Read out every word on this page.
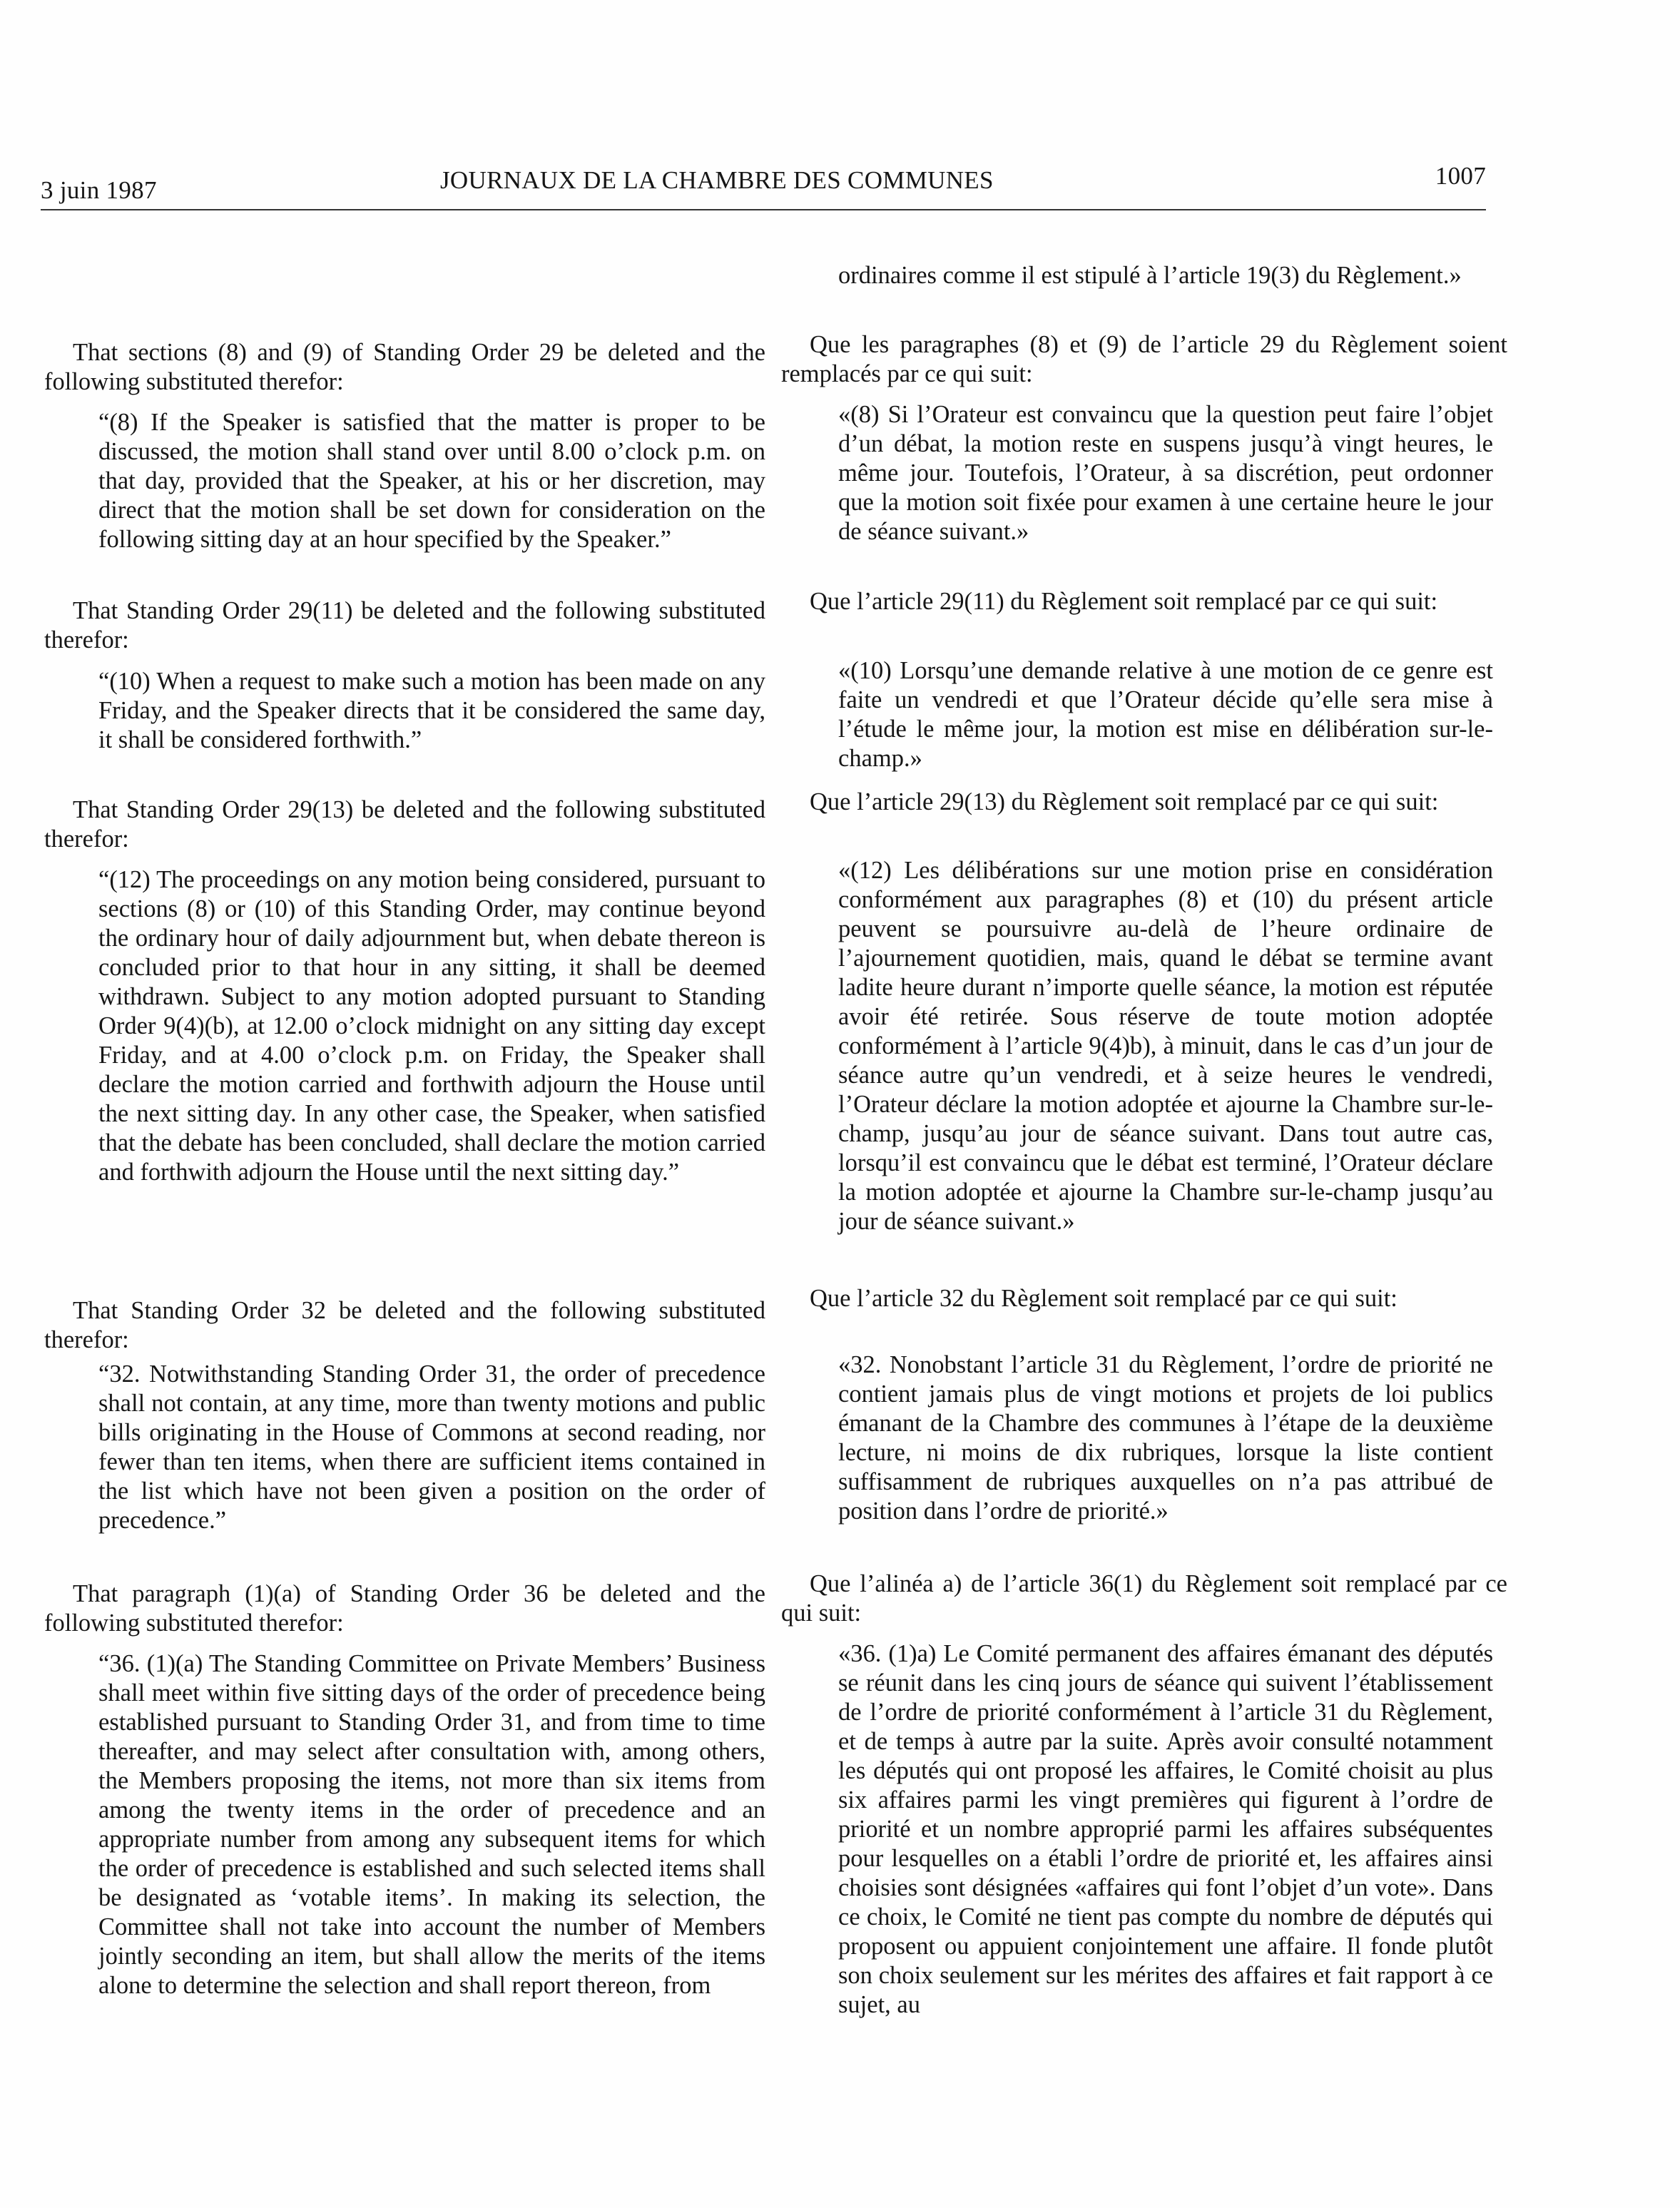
3 juin 1987	JOURNAUX DE LA CHAMBRE DES COMMUNES	1007

That sections (8) and (9) of Standing Order 29 be deleted and the following substituted therefor:

“(8) If the Speaker is satisfied that the matter is proper to be discussed, the motion shall stand over until 8.00 o’clock p.m. on that day, provided that the Speaker, at his or her discretion, may direct that the motion shall be set down for consideration on the following sitting day at an hour specified by the Speaker.”

That Standing Order 29(11) be deleted and the following substituted therefor:

“(10) When a request to make such a motion has been made on any Friday, and the Speaker directs that it be considered the same day, it shall be considered forthwith.”

That Standing Order 29(13) be deleted and the following substituted therefor:

“(12) The proceedings on any motion being considered, pursuant to sections (8) or (10) of this Standing Order, may continue beyond the ordinary hour of daily adjournment but, when debate thereon is concluded prior to that hour in any sitting, it shall be deemed withdrawn. Subject to any motion adopted pursuant to Standing Order 9(4)(b), at 12.00 o’clock midnight on any sitting day except Friday, and at 4.00 o’clock p.m. on Friday, the Speaker shall declare the motion carried and forthwith adjourn the House until the next sitting day. In any other case, the Speaker, when satisfied that the debate has been concluded, shall declare the motion carried and forthwith adjourn the House until the next sitting day.”

That Standing Order 32 be deleted and the following substituted therefor:

“32. Notwithstanding Standing Order 31, the order of precedence shall not contain, at any time, more than twenty motions and public bills originating in the House of Commons at second reading, nor fewer than ten items, when there are sufficient items contained in the list which have not been given a position on the order of precedence.”

That paragraph (1)(a) of Standing Order 36 be deleted and the following substituted therefor:

“36. (1)(a) The Standing Committee on Private Members’ Business shall meet within five sitting days of the order of precedence being established pursuant to Standing Order 31, and from time to time thereafter, and may select after consultation with, among others, the Members proposing the items, not more than six items from among the twenty items in the order of precedence and an appropriate number from among any subsequent items for which the order of precedence is established and such selected items shall be designated as ‘votable items’. In making its selection, the Committee shall not take into account the number of Members jointly seconding an item, but shall allow the merits of the items alone to determine the selection and shall report thereon, from

ordinaires comme il est stipulé à l’article 19(3) du Règlement.»

Que les paragraphes (8) et (9) de l’article 29 du Règlement soient remplacés par ce qui suit:

«(8) Si l’Orateur est convaincu que la question peut faire l’objet d’un débat, la motion reste en suspens jusqu’à vingt heures, le même jour. Toutefois, l’Orateur, à sa discrétion, peut ordonner que la motion soit fixée pour examen à une certaine heure le jour de séance suivant.»

Que l’article 29(11) du Règlement soit remplacé par ce qui suit:

«(10) Lorsqu’une demande relative à une motion de ce genre est faite un vendredi et que l’Orateur décide qu’elle sera mise à l’étude le même jour, la motion est mise en délibération sur-le-champ.»

Que l’article 29(13) du Règlement soit remplacé par ce qui suit:

«(12) Les délibérations sur une motion prise en considération conformément aux paragraphes (8) et (10) du présent article peuvent se poursuivre au-delà de l’heure ordinaire de l’ajournement quotidien, mais, quand le débat se termine avant ladite heure durant n’importe quelle séance, la motion est réputée avoir été retirée. Sous réserve de toute motion adoptée conformément à l’article 9(4)b), à minuit, dans le cas d’un jour de séance autre qu’un vendredi, et à seize heures le vendredi, l’Orateur déclare la motion adoptée et ajourne la Chambre sur-le-champ, jusqu’au jour de séance suivant. Dans tout autre cas, lorsqu’il est convaincu que le débat est terminé, l’Orateur déclare la motion adoptée et ajourne la Chambre sur-le-champ jusqu’au jour de séance suivant.»

Que l’article 32 du Règlement soit remplacé par ce qui suit:

«32. Nonobstant l’article 31 du Règlement, l’ordre de priorité ne contient jamais plus de vingt motions et projets de loi publics émanant de la Chambre des communes à l’étape de la deuxième lecture, ni moins de dix rubriques, lorsque la liste contient suffisamment de rubriques auxquelles on n’a pas attribué de position dans l’ordre de priorité.»

Que l’alinéa a) de l’article 36(1) du Règlement soit remplacé par ce qui suit:

«36. (1)a) Le Comité permanent des affaires émanant des députés se réunit dans les cinq jours de séance qui suivent l’établissement de l’ordre de priorité conformément à l’article 31 du Règlement, et de temps à autre par la suite. Après avoir consulté notamment les députés qui ont proposé les affaires, le Comité choisit au plus six affaires parmi les vingt premières qui figurent à l’ordre de priorité et un nombre approprié parmi les affaires subséquentes pour lesquelles on a établi l’ordre de priorité et, les affaires ainsi choisies sont désignées «affaires qui font l’objet d’un vote». Dans ce choix, le Comité ne tient pas compte du nombre de députés qui proposent ou appuient conjointement une affaire. Il fonde plutôt son choix seulement sur les mérites des affaires et fait rapport à ce sujet, au
